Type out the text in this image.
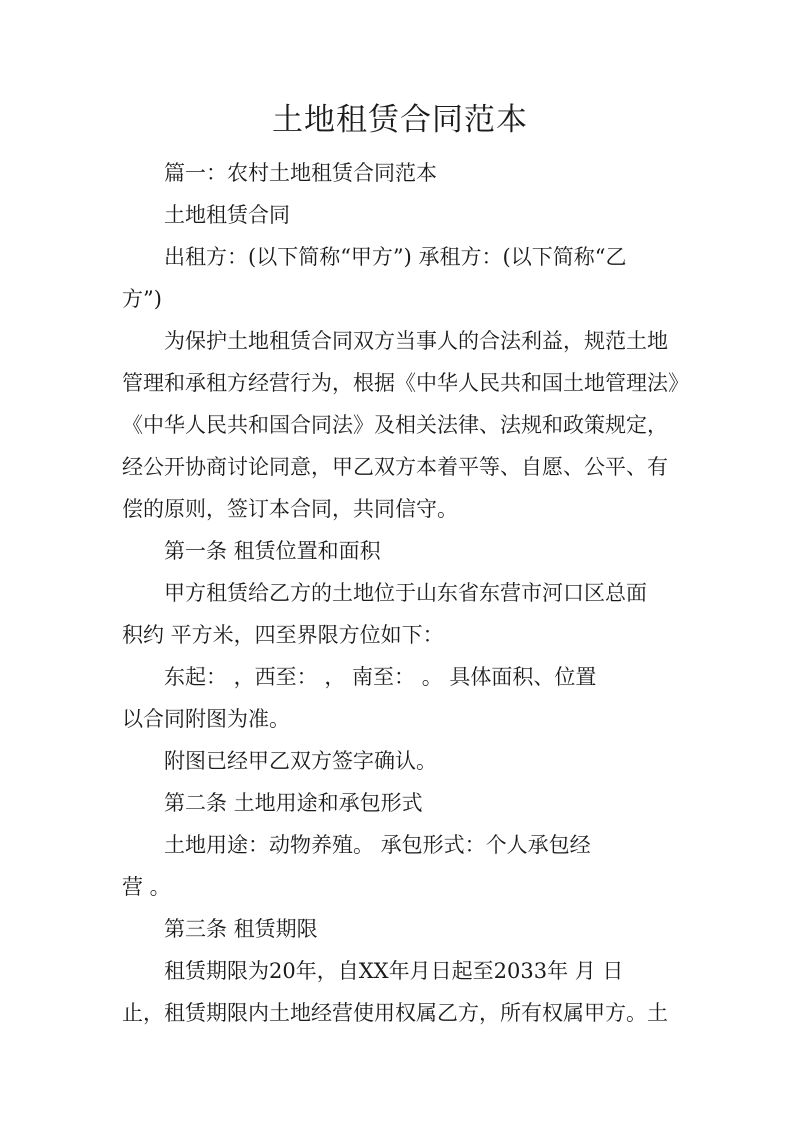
土地租赁合同范本

篇一：农村土地租赁合同范本

土地租赁合同

出租方：(以下简称“甲方”) 承租方：(以下简称“乙

方”)

为保护土地租赁合同双方当事人的合法利益，规范土地

管理和承租方经营行为，根据《中华人民共和国土地管理法》

《中华人民共和国合同法》及相关法律、法规和政策规定，

经公开协商讨论同意，甲乙双方本着平等、自愿、公平、有

偿的原则，签订本合同，共同信守。

第一条 租赁位置和面积

甲方租赁给乙方的土地位于山东省东营市河口区总面

积约 平方米，四至界限方位如下：

东起： ，西至： ， 南至： 。 具体面积、位置

以合同附图为准。

附图已经甲乙双方签字确认。

第二条 土地用途和承包形式

土地用途：动物养殖。 承包形式：个人承包经

营 。

第三条 租赁期限

租赁期限为20年，自XX年月日起至2033年 月 日

止，租赁期限内土地经营使用权属乙方，所有权属甲方。土
